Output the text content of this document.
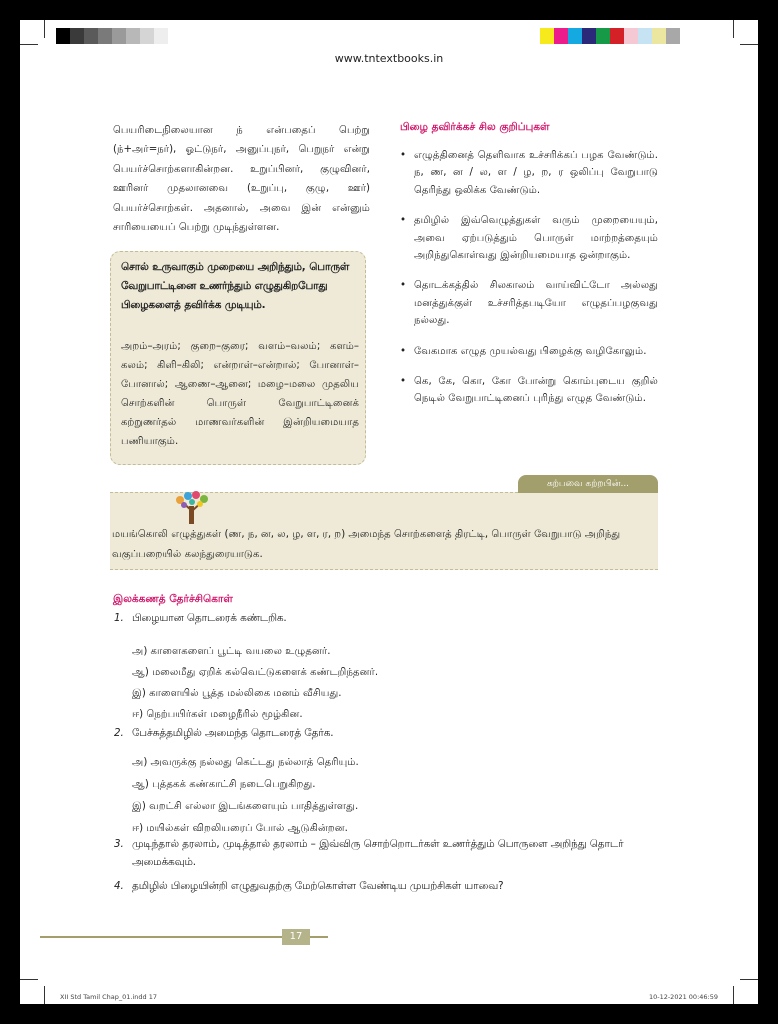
www.tntextbooks.in

பெயரிடைநிலையான ந் என்பதைப் பெற்று (ந்+அர்=நர்), ஓட்டுநர், அனுப்புநர், பெறுநர் என்று பெயர்ச்சொற்களாகின்றன. உறுப்பினர், குழுவினர், ஊரினர் முதலானவை (உறுப்பு, குழு, ஊர்) பெயர்ச்சொற்கள். அதனால், அவை இன் என்னும் சாரியையைப் பெற்று முடிந்துள்ளன.

சொல் உருவாகும் முறையை அறிந்தும், பொருள் வேறுபாட்டினை உணர்ந்தும் எழுதுகிறபோது பிழைகளைத் தவிர்க்க முடியும்.

அறம்–அரம்; குறை–குரை; வளம்–வலம்; களம்–கலம்; கிளி–கிலி; என்றாள்–என்றால்; போனாள்–போனால்; ஆணை–ஆனை; மழை–மலை முதலிய சொற்களின் பொருள் வேறுபாட்டினைக் கற்றுணர்தல் மாணவர்களின் இன்றியமையாத பணியாகும்.

பிழை தவிர்க்கச் சில குறிப்புகள்
• எழுத்தினைத் தெளிவாக உச்சரிக்கப் பழக வேண்டும். ந, ண, ன / ல, ள / ழ, ற, ர ஒலிப்பு வேறுபாடு தெரிந்து ஒலிக்க வேண்டும்.
• தமிழில் இவ்வெழுத்துகள் வரும் முறையையும், அவை ஏற்படுத்தும் பொருள் மாற்றத்தையும் அறிந்துகொள்வது இன்றியமையாத ஒன்றாகும்.
• தொடக்கத்தில் சிலகாலம் வாய்விட்டோ அல்லது மனத்துக்குள் உச்சரித்தபடியோ எழுதப்பழகுவது நல்லது.
• வேகமாக எழுத முயல்வது பிழைக்கு வழிகோலும்.
• கெ, கே, கொ, கோ போன்று கொம்புடைய குறில் நெடில் வேறுபாட்டினைப் புரிந்து எழுத வேண்டும்.
கற்பவை கற்றபின்...

மயங்கொலி எழுத்துகள் (ண, ந, ன, ல, ழ, ள, ர, ற) அமைந்த சொற்களைத் திரட்டி, பொருள் வேறுபாடு அறிந்து வகுப்பறையில் கலந்துரையாடுக.

இலக்கணத் தேர்ச்சிகொள்
1. பிழையான தொடரைக் கண்டறிக.
அ) காளைகளைப் பூட்டி வயலை உழுதனர்.
ஆ) மலைமீது ஏறிக் கல்வெட்டுகளைக் கண்டறிந்தனர்.
இ) காளையில் பூத்த மல்லிகை மனம் வீசியது.
ஈ) நெற்பயிர்கள் மழைநீரில் மூழ்கின.
2. பேச்சுத்தமிழில் அமைந்த தொடரைத் தேர்க.
அ) அவருக்கு நல்லது கெட்டது நல்லாத் தெரியும்.
ஆ) புத்தகக் கண்காட்சி நடைபெறுகிறது.
இ) வறட்சி எல்லா இடங்களையும் பாதித்துள்ளது.
ஈ) மயில்கள் விறலியரைப் போல் ஆடுகின்றன.
3. முடிந்தால் தரலாம், முடித்தால் தரலாம் – இவ்விரு சொற்றொடர்கள் உணர்த்தும் பொருளை அறிந்து தொடர் அமைக்கவும்.
4. தமிழில் பிழையின்றி எழுதுவதற்கு மேற்கொள்ள வேண்டிய முயற்சிகள் யாவை?
17
XII Std Tamil Chap_01.indd 17	10-12-2021 00:46:59
